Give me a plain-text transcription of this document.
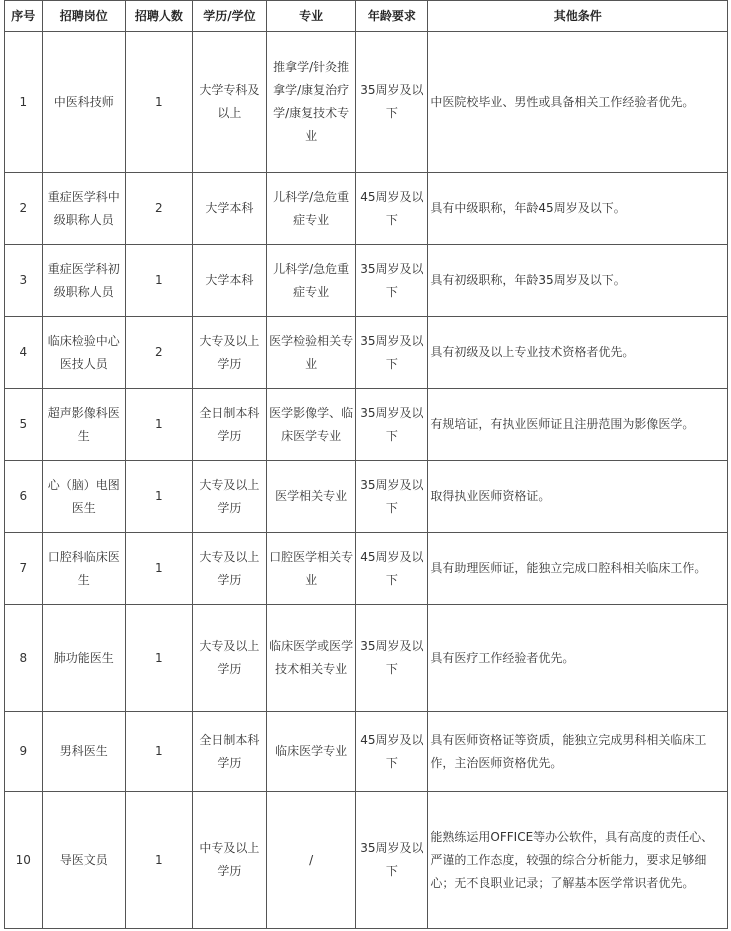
序号	招聘岗位	招聘人数	学历/学位	专业	年龄要求	其他条件
1	中医科技师	1	大学专科及以上	推拿学/针灸推拿学/康复治疗学/康复技术专业	35周岁及以下	中医院校毕业、男性或具备相关工作经验者优先。
2	重症医学科中级职称人员	2	大学本科	儿科学/急危重症专业	45周岁及以下	具有中级职称，年龄45周岁及以下。
3	重症医学科初级职称人员	1	大学本科	儿科学/急危重症专业	35周岁及以下	具有初级职称，年龄35周岁及以下。
4	临床检验中心医技人员	2	大专及以上学历	医学检验相关专业	35周岁及以下	具有初级及以上专业技术资格者优先。
5	超声影像科医生	1	全日制本科学历	医学影像学、临床医学专业	35周岁及以下	有规培证，有执业医师证且注册范围为影像医学。
6	心（脑）电图医生	1	大专及以上学历	医学相关专业	35周岁及以下	取得执业医师资格证。
7	口腔科临床医生	1	大专及以上学历	口腔医学相关专业	45周岁及以下	具有助理医师证，能独立完成口腔科相关临床工作。
8	肺功能医生	1	大专及以上学历	临床医学或医学技术相关专业	35周岁及以下	具有医疗工作经验者优先。
9	男科医生	1	全日制本科学历	临床医学专业	45周岁及以下	具有医师资格证等资质，能独立完成男科相关临床工作，主治医师资格优先。
10	导医文员	1	中专及以上学历	/	35周岁及以下	能熟练运用OFFICE等办公软件，具有高度的责任心、严谨的工作态度，较强的综合分析能力，要求足够细心；无不良职业记录；了解基本医学常识者优先。
